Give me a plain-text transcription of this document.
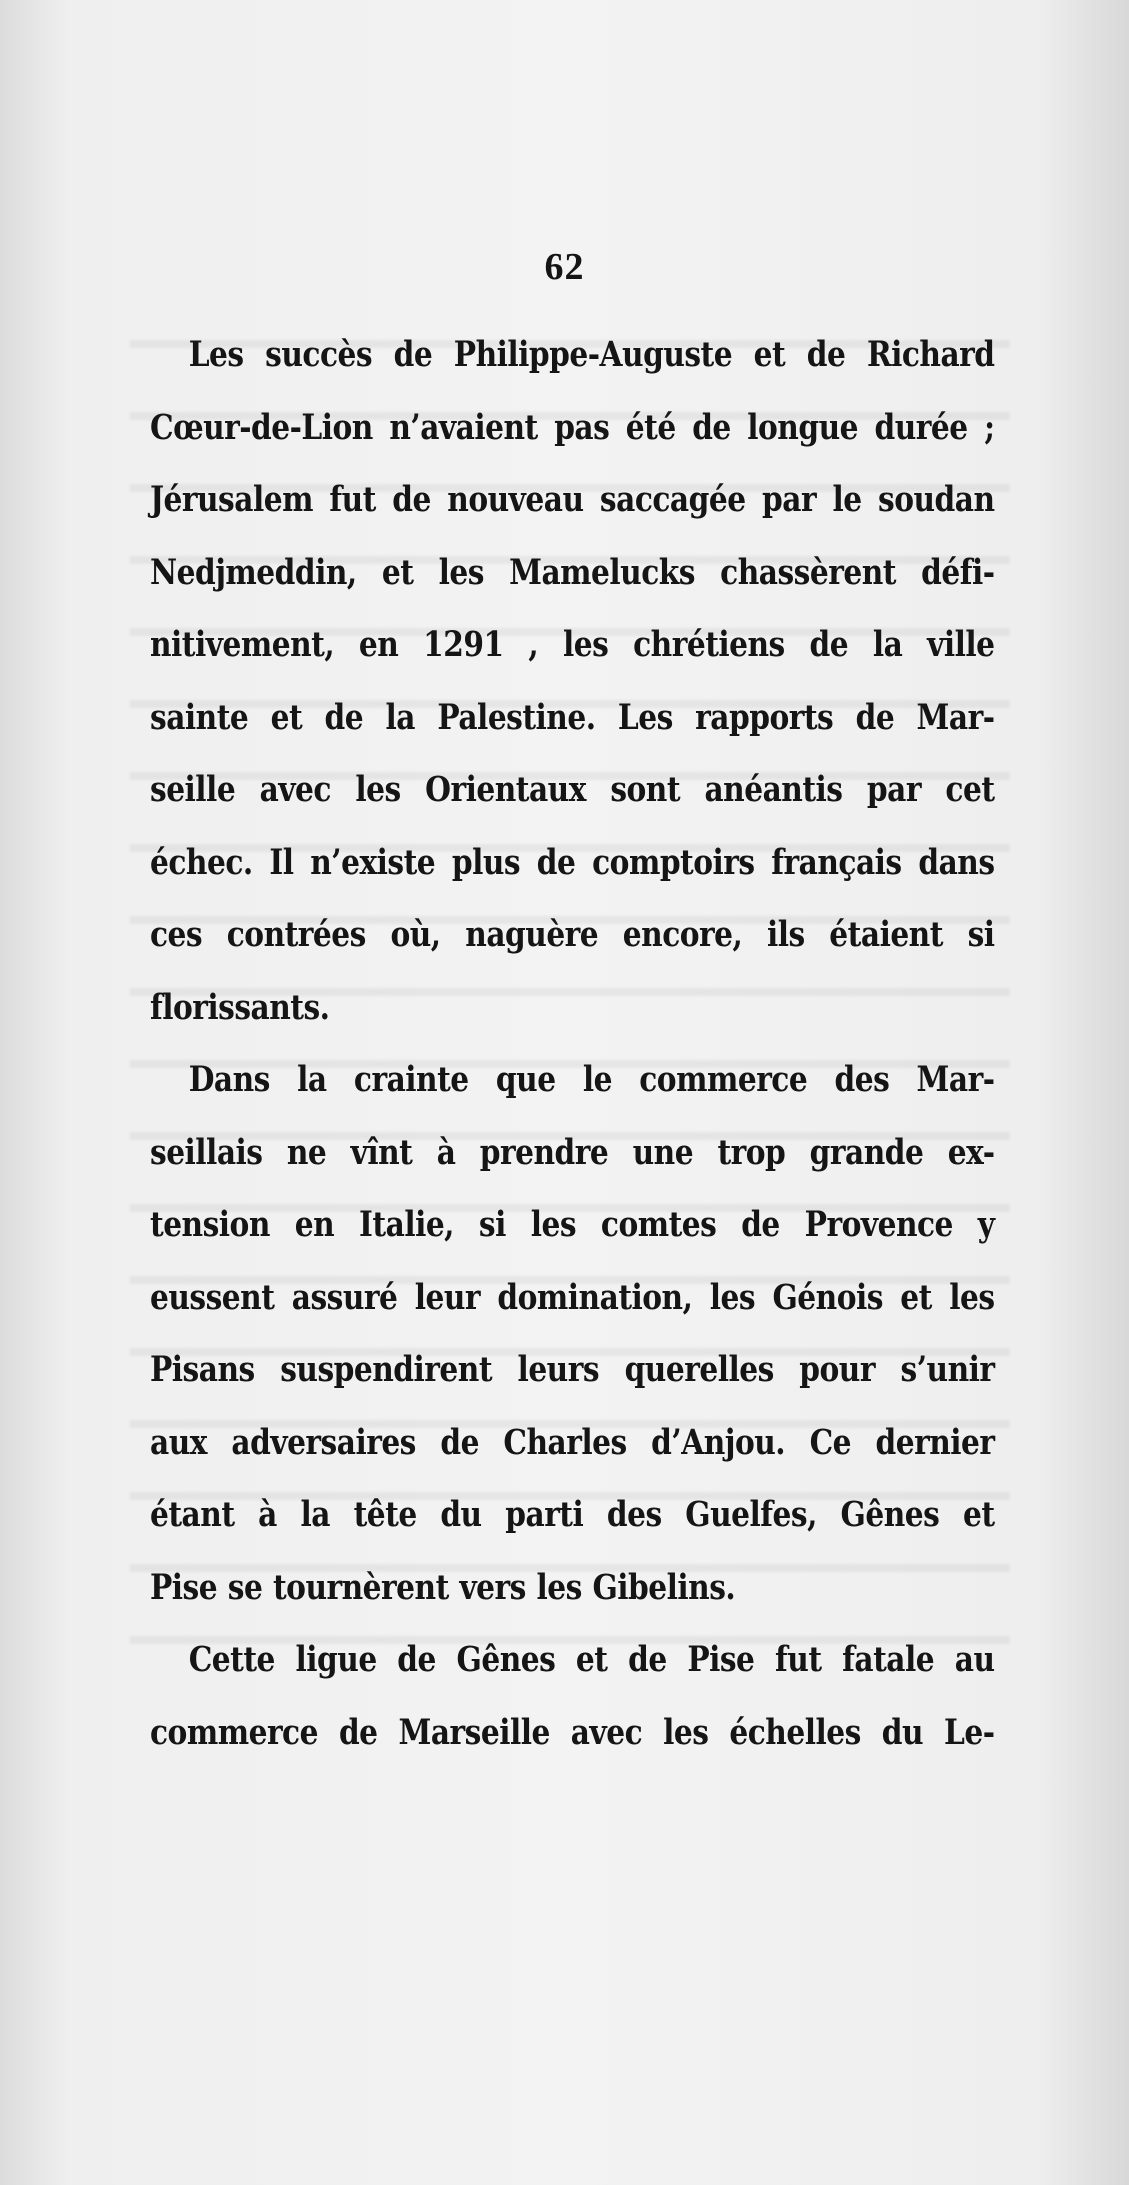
62
Les succès de Philippe-Auguste et de Richard
Cœur-de-Lion n’avaient pas été de longue durée ;
Jérusalem fut de nouveau saccagée par le soudan
Nedjmeddin, et les Mamelucks chassèrent défi-
nitivement, en 1291 , les chrétiens de la ville
sainte et de la Palestine. Les rapports de Mar-
seille avec les Orientaux sont anéantis par cet
échec. Il n’existe plus de comptoirs français dans
ces contrées où, naguère encore, ils étaient si
florissants.
Dans la crainte que le commerce des Mar-
seillais ne vînt à prendre une trop grande ex-
tension en Italie, si les comtes de Provence y
eussent assuré leur domination, les Génois et les
Pisans suspendirent leurs querelles pour s’unir
aux adversaires de Charles d’Anjou. Ce dernier
étant à la tête du parti des Guelfes, Gênes et
Pise se tournèrent vers les Gibelins.
Cette ligue de Gênes et de Pise fut fatale au
commerce de Marseille avec les échelles du Le-
